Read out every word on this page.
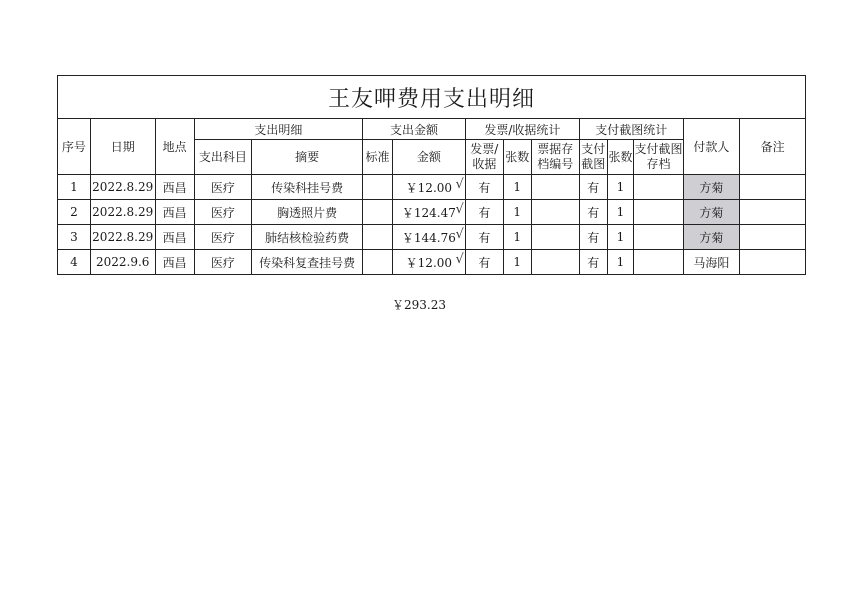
王友呷费用支出明细
序号	日期	地点	支出明细		支出金额		发票/收据统计			支付截图统计			付款人	备注
			支出科目	摘要	标准	金额	发票/收据	张数	票据存档编号	支付截图	张数	支付截图存档		
1	2022.8.29	西昌	医疗	传染科挂号费		￥12.00 √	有	1		有	1		方菊	
2	2022.8.29	西昌	医疗	胸透照片费		￥124.47 √	有	1		有	1		方菊	
3	2022.8.29	西昌	医疗	肺结核检验药费		￥144.76 √	有	1		有	1		方菊	
4	2022.9.6	西昌	医疗	传染科复查挂号费		￥12.00 √	有	1		有	1		马海阳	
￥293.23
